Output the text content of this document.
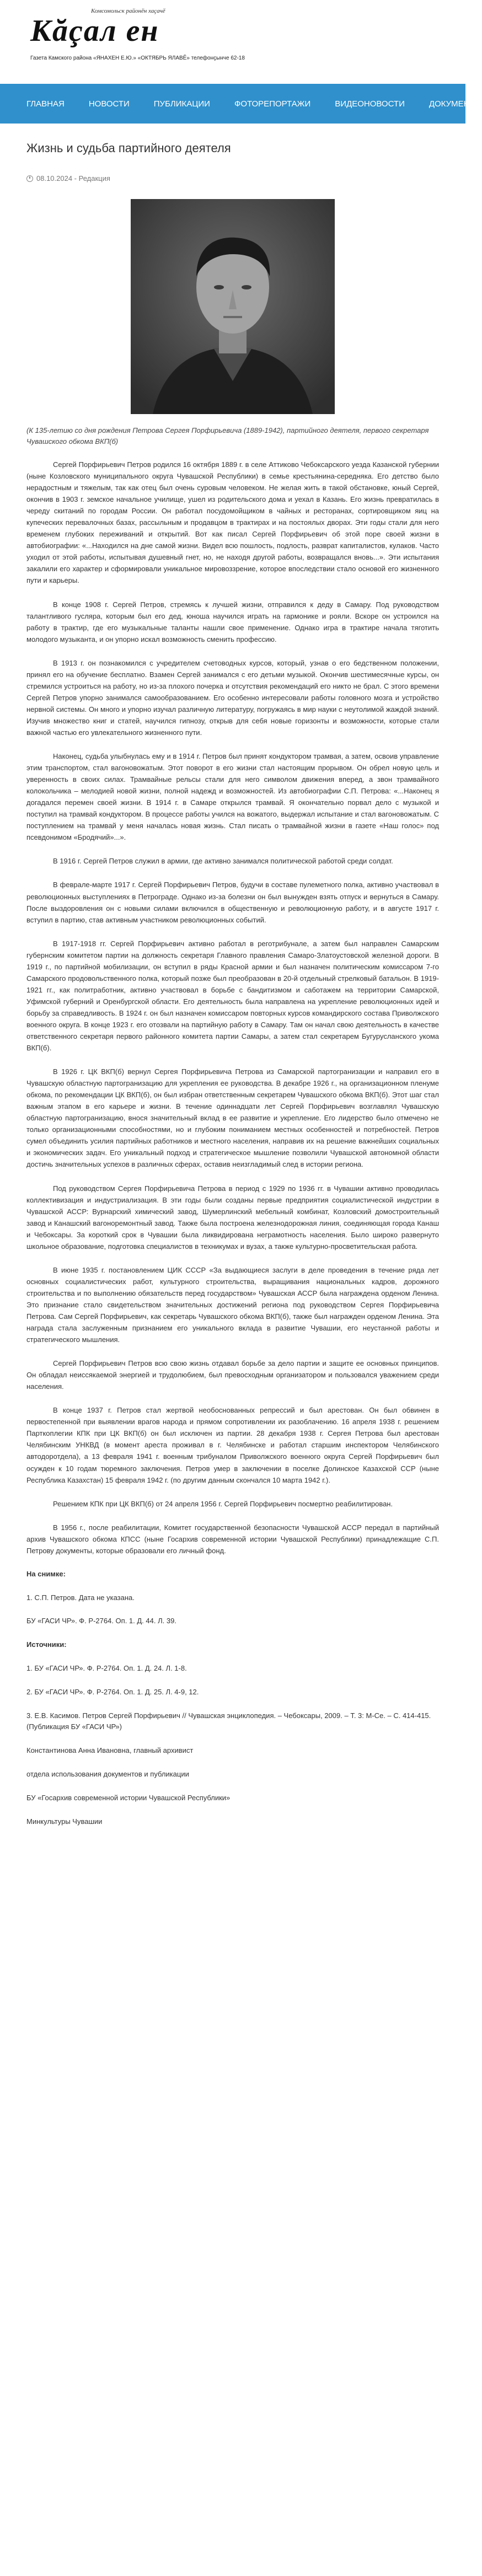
Комсомольск районӗн хаçачӗ
Кăçал ен
Газета Камского района «ЯНАХЕН Е.Ю.» «ОКТЯБРЬ ЯЛАВӖ» телефонҫынче 62-18
ГЛАВНАЯ	НОВОСТИ	ПУБЛИКАЦИИ	ФОТОРЕПОРТАЖИ	ВИДЕОНОВОСТИ	ДОКУМЕНТЫ
Жизнь и судьба партийного деятеля
08.10.2024 - Редакция
(К 135-летию со дня рождения Петрова Сергея Порфирьевича (1889-1942), партийного деятеля, первого секретаря Чувашского обкома ВКП(б)

Сергей Порфирьевич Петров родился 16 октября 1889 г. в селе Аттиково Чебоксарского уезда Казанской губернии (ныне Козловского муниципального округа Чувашской Республики) в семье крестьянина-середняка. Его детство было нерадостным и тяжелым, так как отец был очень суровым человеком. Не желая жить в такой обстановке, юный Сергей, окончив в 1903 г. земское начальное училище, ушел из родительского дома и уехал в Казань. Его жизнь превратилась в череду скитаний по городам России. Он работал посудомойщиком в чайных и ресторанах, сортировщиком яиц на купеческих перевалочных базах, рассыльным и продавцом в трактирах и на постоялых дворах. Эти годы стали для него временем глубоких переживаний и открытий. Вот как писал Сергей Порфирьевич об этой поре своей жизни в автобиографии: «...Находился на дне самой жизни. Видел всю пошлость, подлость, разврат капиталистов, кулаков. Часто уходил от этой работы, испытывая душевный гнет, но, не находя другой работы, возвращался вновь...». Эти испытания закалили его характер и сформировали уникальное мировоззрение, которое впоследствии стало основой его жизненного пути и карьеры.

В конце 1908 г. Сергей Петров, стремясь к лучшей жизни, отправился к деду в Самару. Под руководством талантливого гусляра, которым был его дед, юноша научился играть на гармонике и рояли. Вскоре он устроился на работу в трактир, где его музыкальные таланты нашли свое применение. Однако игра в трактире начала тяготить молодого музыканта, и он упорно искал возможность сменить профессию.

В 1913 г. он познакомился с учредителем счетоводных курсов, который, узнав о его бедственном положении, принял его на обучение бесплатно. Взамен Сергей занимался с его детьми музыкой. Окончив шестимесячные курсы, он стремился устроиться на работу, но из-за плохого почерка и отсутствия рекомендаций его никто не брал. С этого времени Сергей Петров упорно занимался самообразованием. Его особенно интересовали работы головного мозга и устройство нервной системы. Он много и упорно изучал различную литературу, погружаясь в мир науки с неутолимой жаждой знаний. Изучив множество книг и статей, научился гипнозу, открыв для себя новые горизонты и возможности, которые стали важной частью его увлекательного жизненного пути.

Наконец, судьба улыбнулась ему и в 1914 г. Петров был принят кондуктором трамвая, а затем, освоив управление этим транспортом, стал вагоновожатым. Этот поворот в его жизни стал настоящим прорывом. Он обрел новую цель и уверенность в своих силах. Трамвайные рельсы стали для него символом движения вперед, а звон трамвайного колокольчика – мелодией новой жизни, полной надежд и возможностей. Из автобиографии С.П. Петрова: «...Наконец я догадался перемен своей жизни. В 1914 г. в Самаре открылся трамвай. Я окончательно порвал дело с музыкой и поступил на трамвай кондуктором. В процессе работы учился на вожатого, выдержал испытание и стал вагоновожатым. С поступлением на трамвай у меня началась новая жизнь. Стал писать о трамвайной жизни в газете «Наш голос» под псевдонимом «Бродячий»...».

В 1916 г. Сергей Петров служил в армии, где активно занимался политической работой среди солдат.

В феврале-марте 1917 г. Сергей Порфирьевич Петров, будучи в составе пулеметного полка, активно участвовал в революционных выступлениях в Петрограде. Однако из-за болезни он был вынужден взять отпуск и вернуться в Самару. После выздоровления он с новыми силами включился в общественную и революционную работу, и в августе 1917 г. вступил в партию, став активным участником революционных событий.

В 1917-1918 гг. Сергей Порфирьевич активно работал в реготрибунале, а затем был направлен Самарским губернским комитетом партии на должность секретаря Главного правления Самаро-Златоустовской железной дороги. В 1919 г., по партийной мобилизации, он вступил в ряды Красной армии и был назначен политическим комиссаром 7-го Самарского продовольственного полка, который позже был преобразован в 20-й отдельный стрелковый батальон. В 1919-1921 гг., как политработник, активно участвовал в борьбе с бандитизмом и саботажем на территории Самарской, Уфимской губерний и Оренбургской области. Его деятельность была направлена на укрепление революционных идей и борьбу за справедливость. В 1924 г. он был назначен комиссаром повторных курсов командирского состава Приволжского военного округа. В конце 1923 г. его отозвали на партийную работу в Самару. Там он начал свою деятельность в качестве ответственного секретаря первого районного комитета партии Самары, а затем стал секретарем Бугурусланского укома ВКП(б).

В 1926 г. ЦК ВКП(б) вернул Сергея Порфирьевича Петрова из Самарской партогранизации и направил его в Чувашскую областную партогранизацию для укрепления ее руководства. В декабре 1926 г., на организационном пленуме обкома, по рекомендации ЦК ВКП(б), он был избран ответственным секретарем Чувашского обкома ВКП(б). Этот шаг стал важным этапом в его карьере и жизни. В течение одиннадцати лет Сергей Порфирьевич возглавлял Чувашскую областную партогранизацию, внося значительный вклад в ее развитие и укрепление. Его лидерство было отмечено не только организационными способностями, но и глубоким пониманием местных особенностей и потребностей. Петров сумел объединить усилия партийных работников и местного населения, направив их на решение важнейших социальных и экономических задач. Его уникальный подход и стратегическое мышление позволили Чувашской автономной области достичь значительных успехов в различных сферах, оставив неизгладимый след в истории региона.

Под руководством Сергея Порфирьевича Петрова в период с 1929 по 1936 гг. в Чувашии активно проводилась коллективизация и индустриализация. В эти годы были созданы первые предприятия социалистической индустрии в Чувашской АССР: Вурнарский химический завод, Шумерлинский мебельный комбинат, Козловский домостроительный завод и Канашский вагоноремонтный завод. Также была построена железнодорожная линия, соединяющая города Канаш и Чебоксары. За короткий срок в Чувашии была ликвидирована неграмотность населения. Было широко развернуто школьное образование, подготовка специалистов в техникумах и вузах, а также культурно-просветительская работа.

В июне 1935 г. постановлением ЦИК СССР «За выдающиеся заслуги в деле проведения в течение ряда лет основных социалистических работ, культурного строительства, выращивания национальных кадров, дорожного строительства и по выполнению обязательств перед государством» Чувашская АССР была награждена орденом Ленина. Это признание стало свидетельством значительных достижений региона под руководством Сергея Порфирьевича Петрова. Сам Сергей Порфирьевич, как секретарь Чувашского обкома ВКП(б), также был награжден орденом Ленина. Эта награда стала заслуженным признанием его уникального вклада в развитие Чувашии, его неустанной работы и стратегического мышления.

Сергей Порфирьевич Петров всю свою жизнь отдавал борьбе за дело партии и защите ее основных принципов. Он обладал неиссякаемой энергией и трудолюбием, был превосходным организатором и пользовался уважением среди населения.

В конце 1937 г. Петров стал жертвой необоснованных репрессий и был арестован. Он был обвинен в первостепенной при выявлении врагов народа и прямом сопротивлении их разоблачению. 16 апреля 1938 г. решением Парткоплегии КПК при ЦК ВКП(б) он был исключен из партии. 28 декабря 1938 г. Сергея Петрова был арестован Челябинским УНКВД (в момент ареста проживал в г. Челябинске и работал старшим инспектором Челябинского автодоротдела), а 13 февраля 1941 г. военным трибуналом Приволжского военного округа Сергей Порфирьевич был осужден к 10 годам тюремного заключения. Петров умер в заключении в поселке Долинское Казахской ССР (ныне Республика Казахстан) 15 февраля 1942 г. (по другим данным скончался 10 марта 1942 г.).

Решением КПК при ЦК ВКП(б) от 24 апреля 1956 г. Сергей Порфирьевич посмертно реабилитирован.

В 1956 г., после реабилитации, Комитет государственной безопасности Чувашской АССР передал в партийный архив Чувашского обкома КПСС (ныне Госархив современной истории Чувашской Республики) принадлежащие С.П. Петрову документы, которые образовали его личный фонд.

На снимке:

1. С.П. Петров. Дата не указана.

БУ «ГАСИ ЧР». Ф. Р-2764. Оп. 1. Д. 44. Л. 39.

Источники:

1. БУ «ГАСИ ЧР». Ф. Р-2764. Оп. 1. Д. 24. Л. 1-8.

2. БУ «ГАСИ ЧР». Ф. Р-2764. Оп. 1. Д. 25. Л. 4-9, 12.

3. Е.В. Касимов. Петров Сергей Порфирьевич // Чувашская энциклопедия. – Чебоксары, 2009. – Т. 3: М-Се. – С. 414-415. (Публикация БУ «ГАСИ ЧР»)

Константинова Анна Ивановна, главный архивист

отдела использования документов и публикации

БУ «Госархив современной истории Чувашской Республики»

Минкультуры Чувашии
